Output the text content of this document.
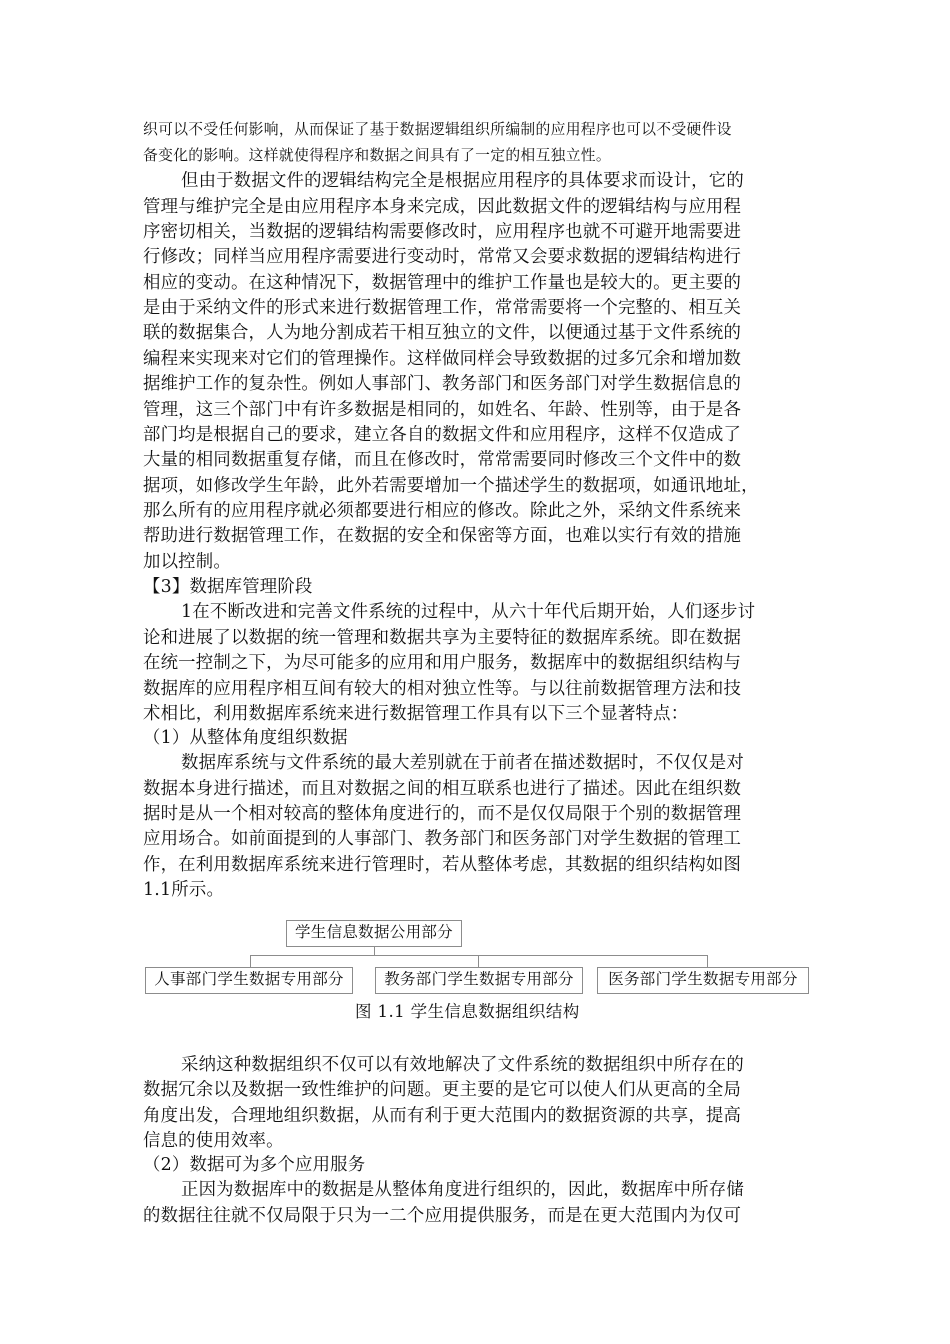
织可以不受任何影响，从而保证了基于数据逻辑组织所编制的应用程序也可以不受硬件设
备变化的影响。这样就使得程序和数据之间具有了一定的相互独立性。
但由于数据文件的逻辑结构完全是根据应用程序的具体要求而设计，它的
管理与维护完全是由应用程序本身来完成，因此数据文件的逻辑结构与应用程
序密切相关，当数据的逻辑结构需要修改时，应用程序也就不可避开地需要进
行修改；同样当应用程序需要进行变动时，常常又会要求数据的逻辑结构进行
相应的变动。在这种情况下，数据管理中的维护工作量也是较大的。更主要的
是由于采纳文件的形式来进行数据管理工作，常常需要将一个完整的、相互关
联的数据集合，人为地分割成若干相互独立的文件，以便通过基于文件系统的
编程来实现来对它们的管理操作。这样做同样会导致数据的过多冗余和增加数
据维护工作的复杂性。例如人事部门、教务部门和医务部门对学生数据信息的
管理，这三个部门中有许多数据是相同的，如姓名、年龄、性别等，由于是各
部门均是根据自己的要求，建立各自的数据文件和应用程序，这样不仅造成了
大量的相同数据重复存储，而且在修改时，常常需要同时修改三个文件中的数
据项，如修改学生年龄，此外若需要增加一个描述学生的数据项，如通讯地址，
那么所有的应用程序就必须都要进行相应的修改。除此之外，采纳文件系统来
帮助进行数据管理工作，在数据的安全和保密等方面，也难以实行有效的措施
加以控制。
【3】数据库管理阶段
1在不断改进和完善文件系统的过程中，从六十年代后期开始，人们逐步讨
论和进展了以数据的统一管理和数据共享为主要特征的数据库系统。即在数据
在统一控制之下，为尽可能多的应用和用户服务，数据库中的数据组织结构与
数据库的应用程序相互间有较大的相对独立性等。与以往前数据管理方法和技
术相比，利用数据库系统来进行数据管理工作具有以下三个显著特点：
（1）从整体角度组织数据
数据库系统与文件系统的最大差别就在于前者在描述数据时，不仅仅是对
数据本身进行描述，而且对数据之间的相互联系也进行了描述。因此在组织数
据时是从一个相对较高的整体角度进行的，而不是仅仅局限于个别的数据管理
应用场合。如前面提到的人事部门、教务部门和医务部门对学生数据的管理工
作，在利用数据库系统来进行管理时，若从整体考虑，其数据的组织结构如图
1.1所示。
学生信息数据公用部分
人事部门学生数据专用部分	教务部门学生数据专用部分	医务部门学生数据专用部分
图 1.1 学生信息数据组织结构
采纳这种数据组织不仅可以有效地解决了文件系统的数据组织中所存在的
数据冗余以及数据一致性维护的问题。更主要的是它可以使人们从更高的全局
角度出发，合理地组织数据，从而有利于更大范围内的数据资源的共享，提高
信息的使用效率。
（2）数据可为多个应用服务
正因为数据库中的数据是从整体角度进行组织的，因此，数据库中所存储
的数据往往就不仅局限于只为一二个应用提供服务，而是在更大范围内为仅可
